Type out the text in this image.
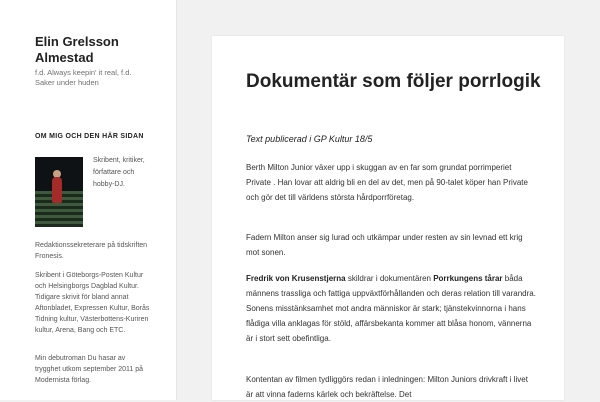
Elin Grelsson Almestad
f.d. Always keepin' it real, f.d. Saker under huden
OM MIG OCH DEN HÄR SIDAN
Skribent, kritiker, författare och hobby-DJ.
Redaktionssekreterare på tidskriften Fronesis.
Skribent i Göteborgs-Posten Kultur och Helsingborgs Dagblad Kultur. Tidigare skrivit för bland annat Aftonbladet, Expressen Kultur, Borås Tidning kultur, Västerbottens-Kuriren kultur, Arena, Bang och ETC.
Min debutroman Du hasar av trygghet utkom september 2011 på Modernista förlag.
Dokumentär som följer porrlogik
Text publicerad i GP Kultur 18/5
Berth Milton Junior växer upp i skuggan av en far som grundat porrimperiet Private . Han lovar att aldrig bli en del av det, men på 90-talet köper han Private och gör det till världens största hårdporrföretag.
Fadern Milton anser sig lurad och utkämpar under resten av sin levnad ett krig mot sonen.
Fredrik von Krusenstjerna skildrar i dokumentären Porrkungens tårar båda männens trassliga och fattiga uppväxtförhållanden och deras relation till varandra. Sonens misstänksamhet mot andra människor är stark; tjänstekvinnorna i hans flådiga villa anklagas för stöld, affärsbekanta kommer att blåsa honom, vännerna är i stort sett obefintliga.
Kontentan av filmen tydliggörs redan i inledningen: Milton Juniors drivkraft i livet är att vinna faderns kärlek och bekräftelse. Det
